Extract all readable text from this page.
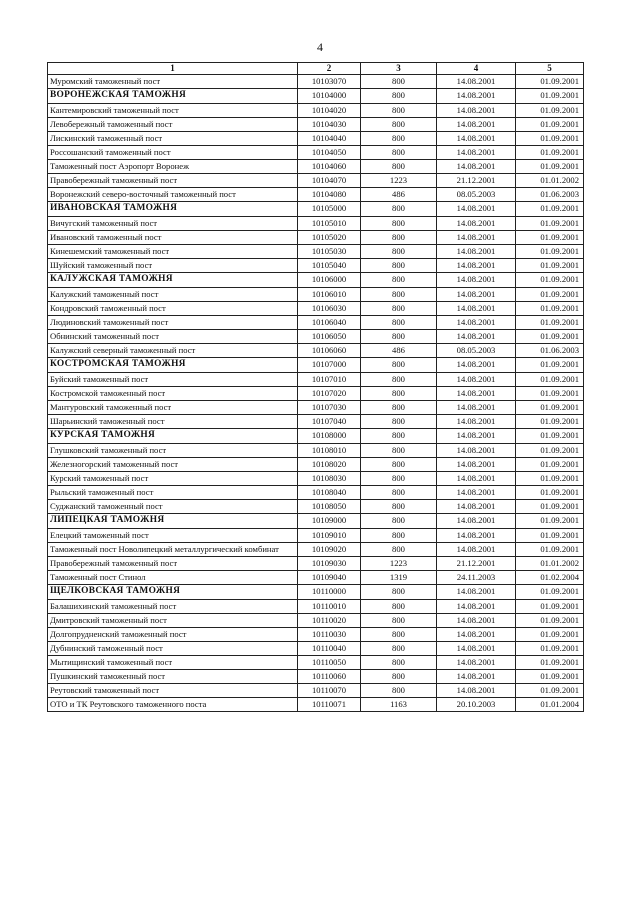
4
1	2	3	4	5
Муромский таможенный пост	10103070	800	14.08.2001	01.09.2001
ВОРОНЕЖСКАЯ ТАМОЖНЯ	10104000	800	14.08.2001	01.09.2001
Кантемировский таможенный пост	10104020	800	14.08.2001	01.09.2001
Левобережный таможенный пост	10104030	800	14.08.2001	01.09.2001
Лискинский таможенный пост	10104040	800	14.08.2001	01.09.2001
Россошанский таможенный пост	10104050	800	14.08.2001	01.09.2001
Таможенный пост Аэропорт Воронеж	10104060	800	14.08.2001	01.09.2001
Правобережный таможенный пост	10104070	1223	21.12.2001	01.01.2002
Воронежский северо-восточный таможенный пост	10104080	486	08.05.2003	01.06.2003
ИВАНОВСКАЯ ТАМОЖНЯ	10105000	800	14.08.2001	01.09.2001
Вичугский таможенный пост	10105010	800	14.08.2001	01.09.2001
Ивановский таможенный пост	10105020	800	14.08.2001	01.09.2001
Кинешемский таможенный пост	10105030	800	14.08.2001	01.09.2001
Шуйский таможенный пост	10105040	800	14.08.2001	01.09.2001
КАЛУЖСКАЯ ТАМОЖНЯ	10106000	800	14.08.2001	01.09.2001
Калужский таможенный пост	10106010	800	14.08.2001	01.09.2001
Кондровский таможенный пост	10106030	800	14.08.2001	01.09.2001
Людиновский таможенный пост	10106040	800	14.08.2001	01.09.2001
Обнинский таможенный пост	10106050	800	14.08.2001	01.09.2001
Калужский северный таможенный пост	10106060	486	08.05.2003	01.06.2003
КОСТРОМСКАЯ ТАМОЖНЯ	10107000	800	14.08.2001	01.09.2001
Буйский таможенный пост	10107010	800	14.08.2001	01.09.2001
Костромской таможенный пост	10107020	800	14.08.2001	01.09.2001
Мантуровский таможенный пост	10107030	800	14.08.2001	01.09.2001
Шарьинский таможенный пост	10107040	800	14.08.2001	01.09.2001
КУРСКАЯ ТАМОЖНЯ	10108000	800	14.08.2001	01.09.2001
Глушковский таможенный пост	10108010	800	14.08.2001	01.09.2001
Железногорский таможенный пост	10108020	800	14.08.2001	01.09.2001
Курский таможенный пост	10108030	800	14.08.2001	01.09.2001
Рыльский таможенный пост	10108040	800	14.08.2001	01.09.2001
Суджанский таможенный пост	10108050	800	14.08.2001	01.09.2001
ЛИПЕЦКАЯ ТАМОЖНЯ	10109000	800	14.08.2001	01.09.2001
Елецкий таможенный пост	10109010	800	14.08.2001	01.09.2001
Таможенный пост Новолипецкий металлургический комбинат	10109020	800	14.08.2001	01.09.2001
Правобережный таможенный пост	10109030	1223	21.12.2001	01.01.2002
Таможенный пост Стинол	10109040	1319	24.11.2003	01.02.2004
ЩЕЛКОВСКАЯ ТАМОЖНЯ	10110000	800	14.08.2001	01.09.2001
Балашихинский таможенный пост	10110010	800	14.08.2001	01.09.2001
Дмитровский таможенный пост	10110020	800	14.08.2001	01.09.2001
Долгопрудненский таможенный пост	10110030	800	14.08.2001	01.09.2001
Дубнинский таможенный пост	10110040	800	14.08.2001	01.09.2001
Мытищинский таможенный пост	10110050	800	14.08.2001	01.09.2001
Пушкинский таможенный пост	10110060	800	14.08.2001	01.09.2001
Реутовский таможенный пост	10110070	800	14.08.2001	01.09.2001
ОТО и ТК Реутовского таможенного поста	10110071	1163	20.10.2003	01.01.2004
